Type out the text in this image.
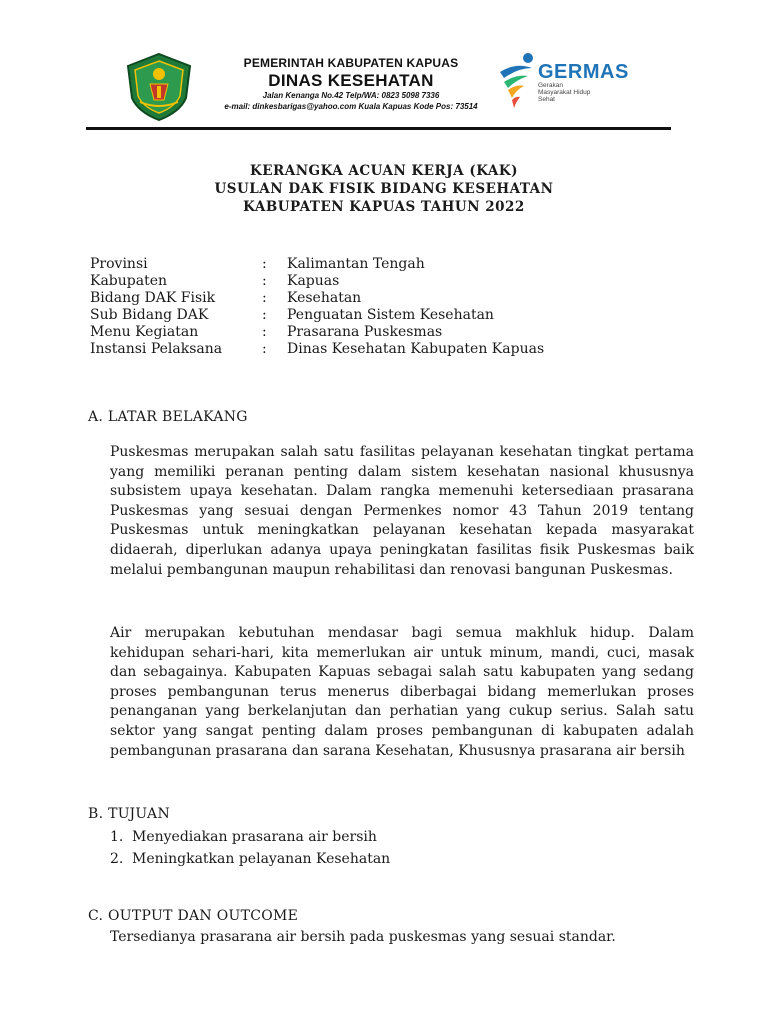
PEMERINTAH KABUPATEN KAPUAS
DINAS KESEHATAN
Jalan Kenanga No.42 Telp/WA: 0823 5098 7336
e-mail: dinkesbarigas@yahoo.com Kuala Kapuas Kode Pos: 73514
GERMAS
Gerakan Masyarakat Hidup Sehat
KERANGKA ACUAN KERJA (KAK)
USULAN DAK FISIK BIDANG KESEHATAN
KABUPATEN KAPUAS TAHUN 2022
Provinsi	:	Kalimantan Tengah
Kabupaten	:	Kapuas
Bidang DAK Fisik	:	Kesehatan
Sub Bidang DAK	:	Penguatan Sistem Kesehatan
Menu Kegiatan	:	Prasarana Puskesmas
Instansi Pelaksana	:	Dinas Kesehatan Kabupaten Kapuas
A. LATAR BELAKANG

Puskesmas merupakan salah satu fasilitas pelayanan kesehatan tingkat pertama yang memiliki peranan penting dalam sistem kesehatan nasional khususnya subsistem upaya kesehatan. Dalam rangka memenuhi ketersediaan prasarana Puskesmas yang sesuai dengan Permenkes nomor 43 Tahun 2019 tentang Puskesmas untuk meningkatkan pelayanan kesehatan kepada masyarakat didaerah, diperlukan adanya upaya peningkatan fasilitas fisik Puskesmas baik melalui pembangunan maupun rehabilitasi dan renovasi bangunan Puskesmas.

Air merupakan kebutuhan mendasar bagi semua makhluk hidup. Dalam kehidupan sehari-hari, kita memerlukan air untuk minum, mandi, cuci, masak dan sebagainya. Kabupaten Kapuas sebagai salah satu kabupaten yang sedang proses pembangunan terus menerus diberbagai bidang memerlukan proses penanganan yang berkelanjutan dan perhatian yang cukup serius. Salah satu sektor yang sangat penting dalam proses pembangunan di kabupaten adalah pembangunan prasarana dan sarana Kesehatan, Khususnya prasarana air bersih

B. TUJUAN
1. Menyediakan prasarana air bersih
2. Meningkatkan pelayanan Kesehatan
C. OUTPUT DAN OUTCOME

Tersedianya prasarana air bersih pada puskesmas yang sesuai standar.
